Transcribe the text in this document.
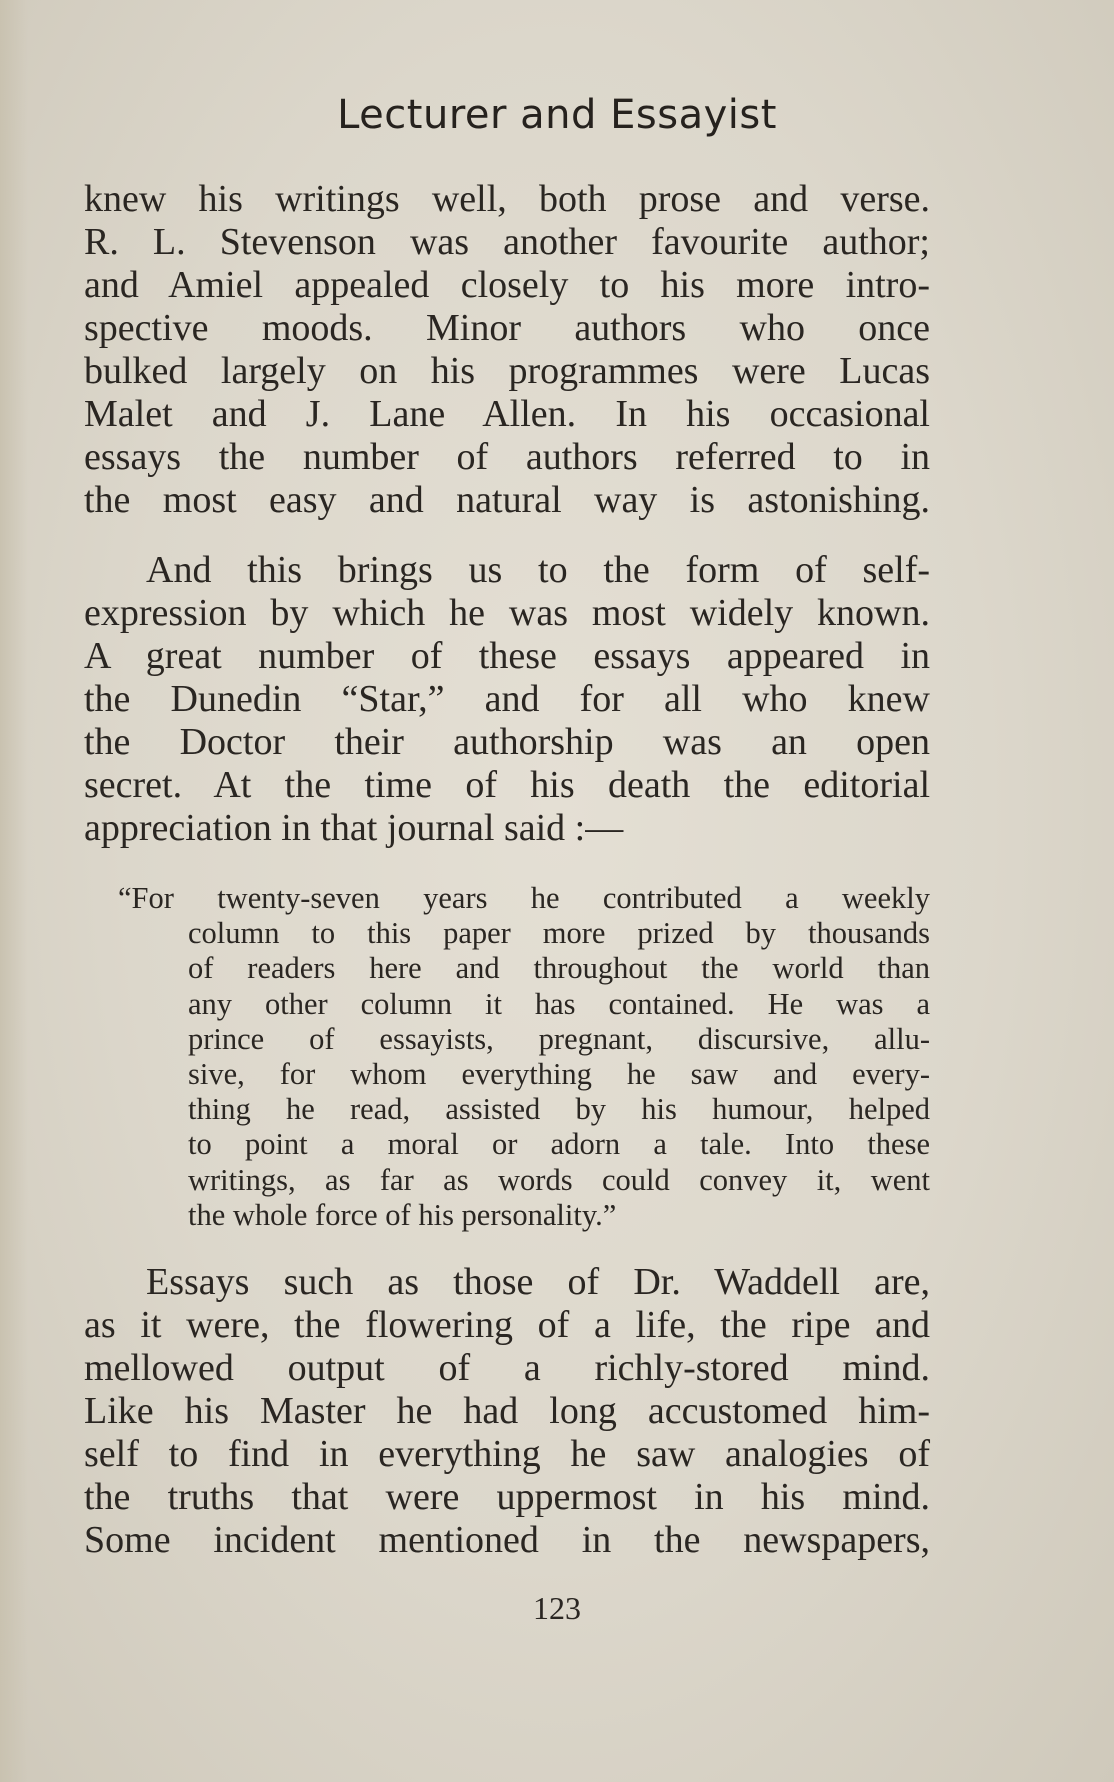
Lecturer and Essayist
knew his writings well, both prose and verse.
R. L. Stevenson was another favourite author;
and Amiel appealed closely to his more intro-
spective moods. Minor authors who once
bulked largely on his programmes were Lucas
Malet and J. Lane Allen. In his occasional
essays the number of authors referred to in
the most easy and natural way is astonishing.
And this brings us to the form of self-
expression by which he was most widely known.
A great number of these essays appeared in
the Dunedin “Star,” and for all who knew
the Doctor their authorship was an open
secret. At the time of his death the editorial
appreciation in that journal said :—
“For twenty-seven years he contributed a weekly
column to this paper more prized by thousands
of readers here and throughout the world than
any other column it has contained. He was a
prince of essayists, pregnant, discursive, allu-
sive, for whom everything he saw and every-
thing he read, assisted by his humour, helped
to point a moral or adorn a tale. Into these
writings, as far as words could convey it, went
the whole force of his personality.”
Essays such as those of Dr. Waddell are,
as it were, the flowering of a life, the ripe and
mellowed output of a richly-stored mind.
Like his Master he had long accustomed him-
self to find in everything he saw analogies of
the truths that were uppermost in his mind.
Some incident mentioned in the newspapers,
123
